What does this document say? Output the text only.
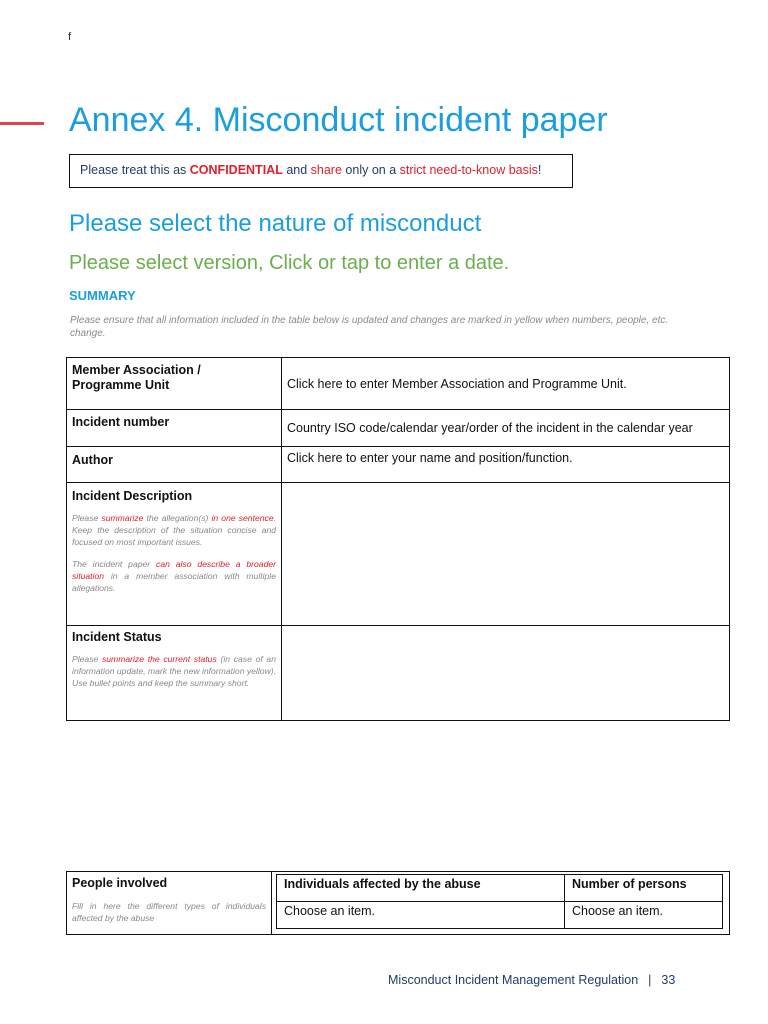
f
Annex 4. Misconduct incident paper
Please treat this as CONFIDENTIAL and share only on a strict need-to-know basis!
Please select the nature of misconduct
Please select version, Click or tap to enter a date.
SUMMARY
Please ensure that all information included in the table below is updated and changes are marked in yellow when numbers, people, etc. change.
Member Association /
Programme Unit	Click here to enter Member Association and Programme Unit.

Incident number	Country ISO code/calendar year/order of the incident in the calendar year

Author	Click here to enter your name and position/function.

Incident Description
Please summarize the allegation(s) in one sentence. Keep the description of the situation concise and focused on most important issues.
The incident paper can also describe a broader situation in a member association with multiple allegations.	

Incident Status
Please summarize the current status (in case of an information update, mark the new information yellow). Use bullet points and keep the summary short.	

People involved
Fill in here the different types of individuals affected by the abuse
Individuals affected by the abuse	Number of persons
Choose an item.	Choose an item.
Misconduct Incident Management Regulation | 33
